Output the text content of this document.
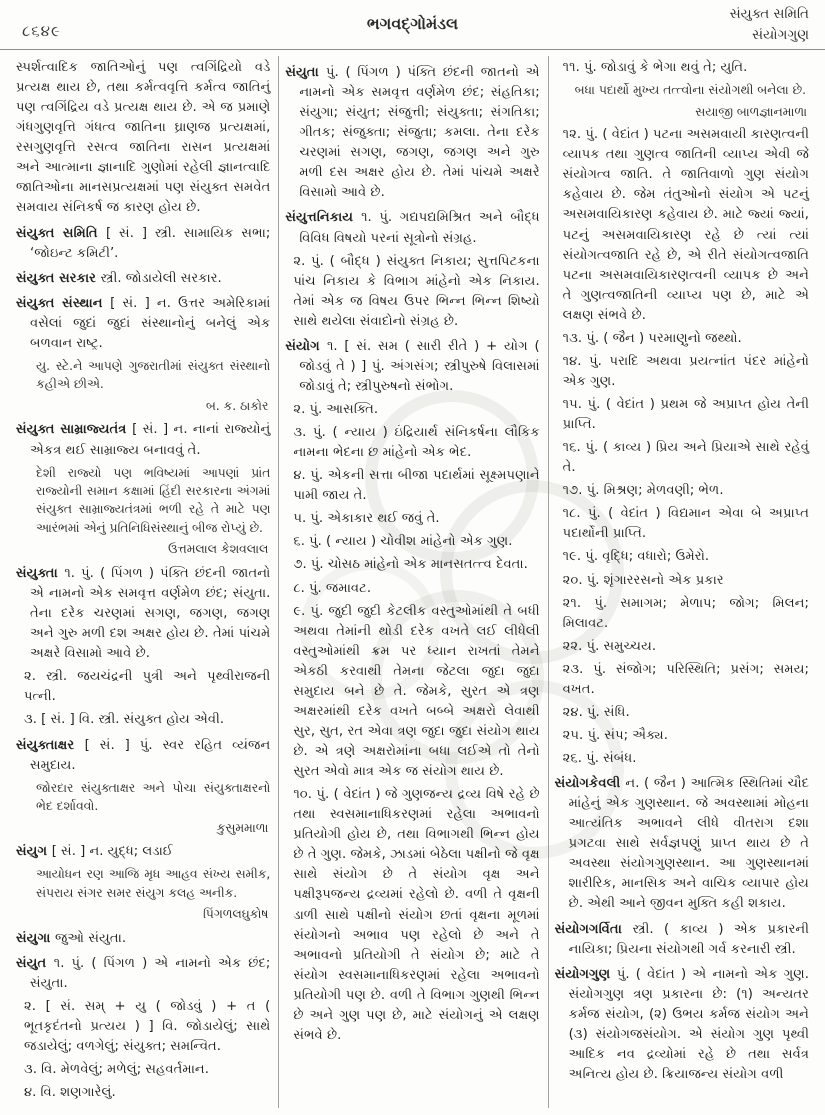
૮૬૪૯	ભગવદ્ગોમંડલ	સંયુક્ત સમિતિ
સંયોગગુણ

સ્પર્શત્વાદિક જાતિઓનું પણ ત્વગિંદ્રિયો વડે પ્રત્યક્ષ થાય છે, તથા કર્મત્વવૃત્તિ કર્મત્વ જાતિનું પણ ત્વગિંદ્રિય વડે પ્રત્યક્ષ થાય છે. એ જ પ્રમાણે ગંધગુણવૃત્તિ ગંધત્વ જાતિના ઘ્રાણજ પ્રત્યક્ષમાં, રસગુણવૃત્તિ રસત્વ જાતિના રાસન પ્રત્યક્ષમાં અને આત્માના જ્ઞાનાદિ ગુણોમાં રહેલી જ્ઞાનત્વાદિ જાતિઓના માનસપ્રત્યક્ષમાં પણ સંયુક્ત સમવેત સમવાય સંનિકર્ષ જ કારણ હોય છે.

સંયુક્ત સમિતિ [ સં. ] સ્ત્રી. સામાયિક સભા; ‘જોઇન્ટ કમિટી’.

સંયુક્ત સરકાર સ્ત્રી. જોડાયેલી સરકાર.

સંયુક્ત સંસ્થાન [ સં. ] ન. ઉત્તર અમેરિકામાં વસેલાં જુદાં જુદાં સંસ્થાનોનું બનેલું એક બળવાન રાષ્ટ્ર.

યુ. સ્ટે.ને આપણે ગુજરાતીમાં સંયુક્ત સંસ્થાનો કહીએ છીએ.

બ. ક. ઠાકોર

સંયુક્ત સામ્રાજ્યતંત્ર [ સં. ] ન. નાનાં રાજ્યોનું એકત્ર થઈ સામ્રાજ્ય બનાવવું તે.

દેશી રાજ્યો પણ ભવિષ્યમાં આપણાં પ્રાંત રાજ્યોની સમાન કક્ષામાં હિંદી સરકારના અંગમાં સંયુક્ત સામ્રાજ્યતંત્રમાં ભળી રહે તે માટે પણ આરંભમાં એનું પ્રતિનિધિસંસ્થાનું બીજ રોપ્યું છે.

ઉત્તમલાલ કેશવલાલ

સંયુક્તા ૧. પું. ( પિંગળ ) પંક્તિ છંદની જાતનો એ નામનો એક સમવૃત્ત વર્ણમેળ છંદ; સંયુતા. તેના દરેક ચરણમાં સગણ, જગણ, જગણ અને ગુરુ મળી દશ અક્ષર હોય છે. તેમાં પાંચમે અક્ષરે વિસામો આવે છે.

૨. સ્ત્રી. જયચંદ્રની પુત્રી અને પૃથ્વીરાજની પત્ની.

૩. [ સં. ] વિ. સ્ત્રી. સંયુક્ત હોય એવી.

સંયુક્તાક્ષર [ સં. ] પું. સ્વર રહિત વ્યંજન સમુદાય.

જોરદાર સંયુક્તાક્ષર અને પોચા સંયુક્તાક્ષરનો ભેદ દર્શાવવો.

કુસુમમાળા

સંયુગ [ સં. ] ન. યુદ્ધ; લડાઈ

આયોધન રણ આજિ મૃધ આહવ સંખ્ય સમીક, સંપરાય સંગર સમર સંયુગ કલહ અનીક.

પિંગળલઘુકોષ

સંયુગા જુઓ સંયુતા.

સંયુત ૧. પું. ( પિંગળ ) એ નામનો એક છંદ; સંયુતા.

૨. [ સં. સમ્ + યુ ( જોડવું ) + ત ( ભૂતકૃદંતનો પ્રત્યય ) ] વિ. જોડાયેલું; સાથે જડાયેલું; વળગેલું; સંયુક્ત; સમન્વિત.

૩. વિ. મેળવેલું; મળેલું; સહવર્તમાન.

૪. વિ. શણગારેલું.

સંયુતા પું. ( પિંગળ ) પંક્તિ છંદની જાતનો એ નામનો એક સમવૃત્ત વર્ણમેળ છંદ; સંહતિકા; સંયુગા; સંયુત; સંજુત્તી; સંયુક્તા; સંગતિકા; ગીતક; સંજુક્તા; સંજુતા; કમલા. તેના દરેક ચરણમાં સગણ, જગણ, જગણ અને ગુરુ મળી દસ અક્ષર હોય છે. તેમાં પાંચમે અક્ષરે વિસામો આવે છે.

સંયુત્તનિકાય ૧. પું. ગદ્યપદ્યમિશ્રિત અને બૌદ્ધ વિવિધ વિષયો પરનાં સૂત્રોનો સંગ્રહ.

૨. પું. ( બૌદ્ધ ) સંયુક્ત નિકાય; સુત્તપિટકના પાંચ નિકાય કે વિભાગ માંહેનો એક નિકાય. તેમાં એક જ વિષય ઉપર ભિન્ન ભિન્ન શિષ્યો સાથે થયેલા સંવાદોનો સંગ્રહ છે.

સંયોગ ૧. [ સં. સમ ( સારી રીતે ) + યોગ ( જોડવું તે ) ] પું. અંગસંગ; સ્ત્રીપુરુષે વિલાસમાં જોડાવું તે; સ્ત્રીપુરુષનો સંભોગ.

૨. પું. આસક્તિ.

૩. પું. ( ન્યાય ) ઇંદ્રિયાર્થ સંનિકર્ષના લૌકિક નામના ભેદના છ માંહેનો એક ભેદ.

૪. પું. એકની સત્તા બીજા પદાર્થમાં સૂક્ષ્મપણાને પામી જાય તે.

૫. પું. એકાકાર થઈ જવું તે.

૬. પું. ( ન્યાય ) ચોવીશ માંહેનો એક ગુણ.

૭. પું. ચોસઠ માંહેનો એક માનસતત્ત્વ દેવતા.

૮. પું. જમાવટ.

૯. પું. જુદી જુદી કેટલીક વસ્તુઓમાંથી તે બધી અથવા તેમાંની થોડી દરેક વખતે લઈ લીધેલી વસ્તુઓમાંથી ક્રમ પર ધ્યાન રાખતાં તેમને એકઠી કરવાથી તેમના જેટલા જુદા જુદા સમુદાય બને છે તે. જેમકે, સુરત એ ત્રણ અક્ષરમાંથી દરેક વખતે બબ્બે અક્ષરો લેવાથી સુર, સુત, રત એવા ત્રણ જુદા જુદા સંયોગ થાય છે. એ ત્રણે અક્ષરોમાંના બધા લઈએ તો તેનો સુરત એવો માત્ર એક જ સંયોગ થાય છે.

૧૦. પું. ( વેદાંત ) જે ગુણજન્ય દ્રવ્ય વિષે રહે છે તથા સ્વસમાનાધિકરણમાં રહેલા અભાવનો પ્રતિયોગી હોય છે, તથા વિભાગથી ભિન્ન હોય છે તે ગુણ. જેમકે, ઝાડમાં બેઠેલા પક્ષીનો જે વૃક્ષ સાથે સંયોગ છે તે સંયોગ વૃક્ષ અને પક્ષીરૂપજન્ય દ્રવ્યમાં રહેલો છે. વળી તે વૃક્ષની ડાળી સાથે પક્ષીનો સંયોગ છતાં વૃક્ષના મૂળમાં સંયોગનો અભાવ પણ રહેલો છે અને તે અભાવનો પ્રતિયોગી તે સંયોગ છે; માટે તે સંયોગ સ્વસમાનાધિકરણમાં રહેલા અભાવનો પ્રતિયોગી પણ છે. વળી તે વિભાગ ગુણથી ભિન્ન છે અને ગુણ પણ છે, માટે સંયોગનું એ લક્ષણ સંભવે છે.

૧૧. પું. જોડાવું કે ભેગા થવું તે; યુતિ.

બધા પદાર્થો મુખ્ય તત્ત્વોના સંયોગથી બનેલા છે.

સયાજી બાળજ્ઞાનમાળા

૧૨. પું. ( વેદાંત ) પટના અસમવાયી કારણત્વની વ્યાપક તથા ગુણત્વ જાતિની વ્યાપ્ય એવી જે સંયોગત્વ જાતિ. તે જાતિવાળો ગુણ સંયોગ કહેવાય છે. જેમ તંતુઓનો સંયોગ એ પટનું અસમવાયિકારણ કહેવાય છે. માટે જ્યાં જ્યાં, પટનું અસમવાયિકારણ રહે છે ત્યાં ત્યાં સંયોગત્વજાતિ રહે છે, એ રીતે સંયોગત્વજાતિ પટના અસમવાયિકારણત્વની વ્યાપક છે અને તે ગુણત્વજાતિની વ્યાપ્ય પણ છે, માટે એ લક્ષણ સંભવે છે.

૧૩. પું. ( જૈન ) પરમાણુનો જથ્થો.

૧૪. પું. પરાદિ અથવા પ્રયત્નાંત પંદર માંહેનો એક ગુણ.

૧૫. પું. ( વેદાંત ) પ્રથમ જે અપ્રાપ્ત હોય તેની પ્રાપ્તિ.

૧૬. પું. ( કાવ્ય ) પ્રિય અને પ્રિયાએ સાથે રહેવું તે.

૧૭. પું. મિશ્રણ; મેળવણી; ભેળ.

૧૮. પું. ( વેદાંત ) વિદ્યમાન એવા બે અપ્રાપ્ત પદાર્થોની પ્રાપ્તિ.

૧૯. પું. વૃદ્ધિ; વધારો; ઉમેરો.

૨૦. પું. શૃંગારરસનો એક પ્રકાર

૨૧. પું. સમાગમ; મેળાપ; જોગ; મિલન; મિલાવટ.

૨૨. પું. સમુચ્ચય.

૨૩. પું. સંજોગ; પરિસ્થિતિ; પ્રસંગ; સમય; વખત.

૨૪. પું. સંધિ.

૨૫. પું. સંપ; ઐક્ય.

૨૬. પું. સંબંધ.

સંયોગકેવલી ન. ( જૈન ) આત્મિક સ્થિતિમાં ચૌદ માંહેનું એક ગુણસ્થાન. જે અવસ્થામાં મોહના આત્યંતિક અભાવને લીધે વીતરાગ દશા પ્રગટવા સાથે સર્વજ્ઞપણું પ્રાપ્ત થાય છે તે અવસ્થા સંયોગગુણસ્થાન. આ ગુણસ્થાનમાં શારીરિક, માનસિક અને વાચિક વ્યાપાર હોય છે. એથી આને જીવન મુક્તિ કહી શકાય.

સંયોગગર્વિતા સ્ત્રી. ( કાવ્ય ) એક પ્રકારની નાયિકા; પ્રિયના સંયોગથી ગર્વ કરનારી સ્ત્રી.

સંયોગગુણ પું. ( વેદાંત ) એ નામનો એક ગુણ. સંયોગગુણ ત્રણ પ્રકારના છે: (૧) અન્યતર કર્મજ સંયોગ, (૨) ઉભય કર્મજ સંયોગ અને (૩) સંયોગજસંયોગ. એ સંયોગ ગુણ પૃથ્વી આદિક નવ દ્રવ્યોમાં રહે છે તથા સર્વત્ર અનિત્ય હોય છે. ક્રિયાજન્ય સંયોગ વળી
